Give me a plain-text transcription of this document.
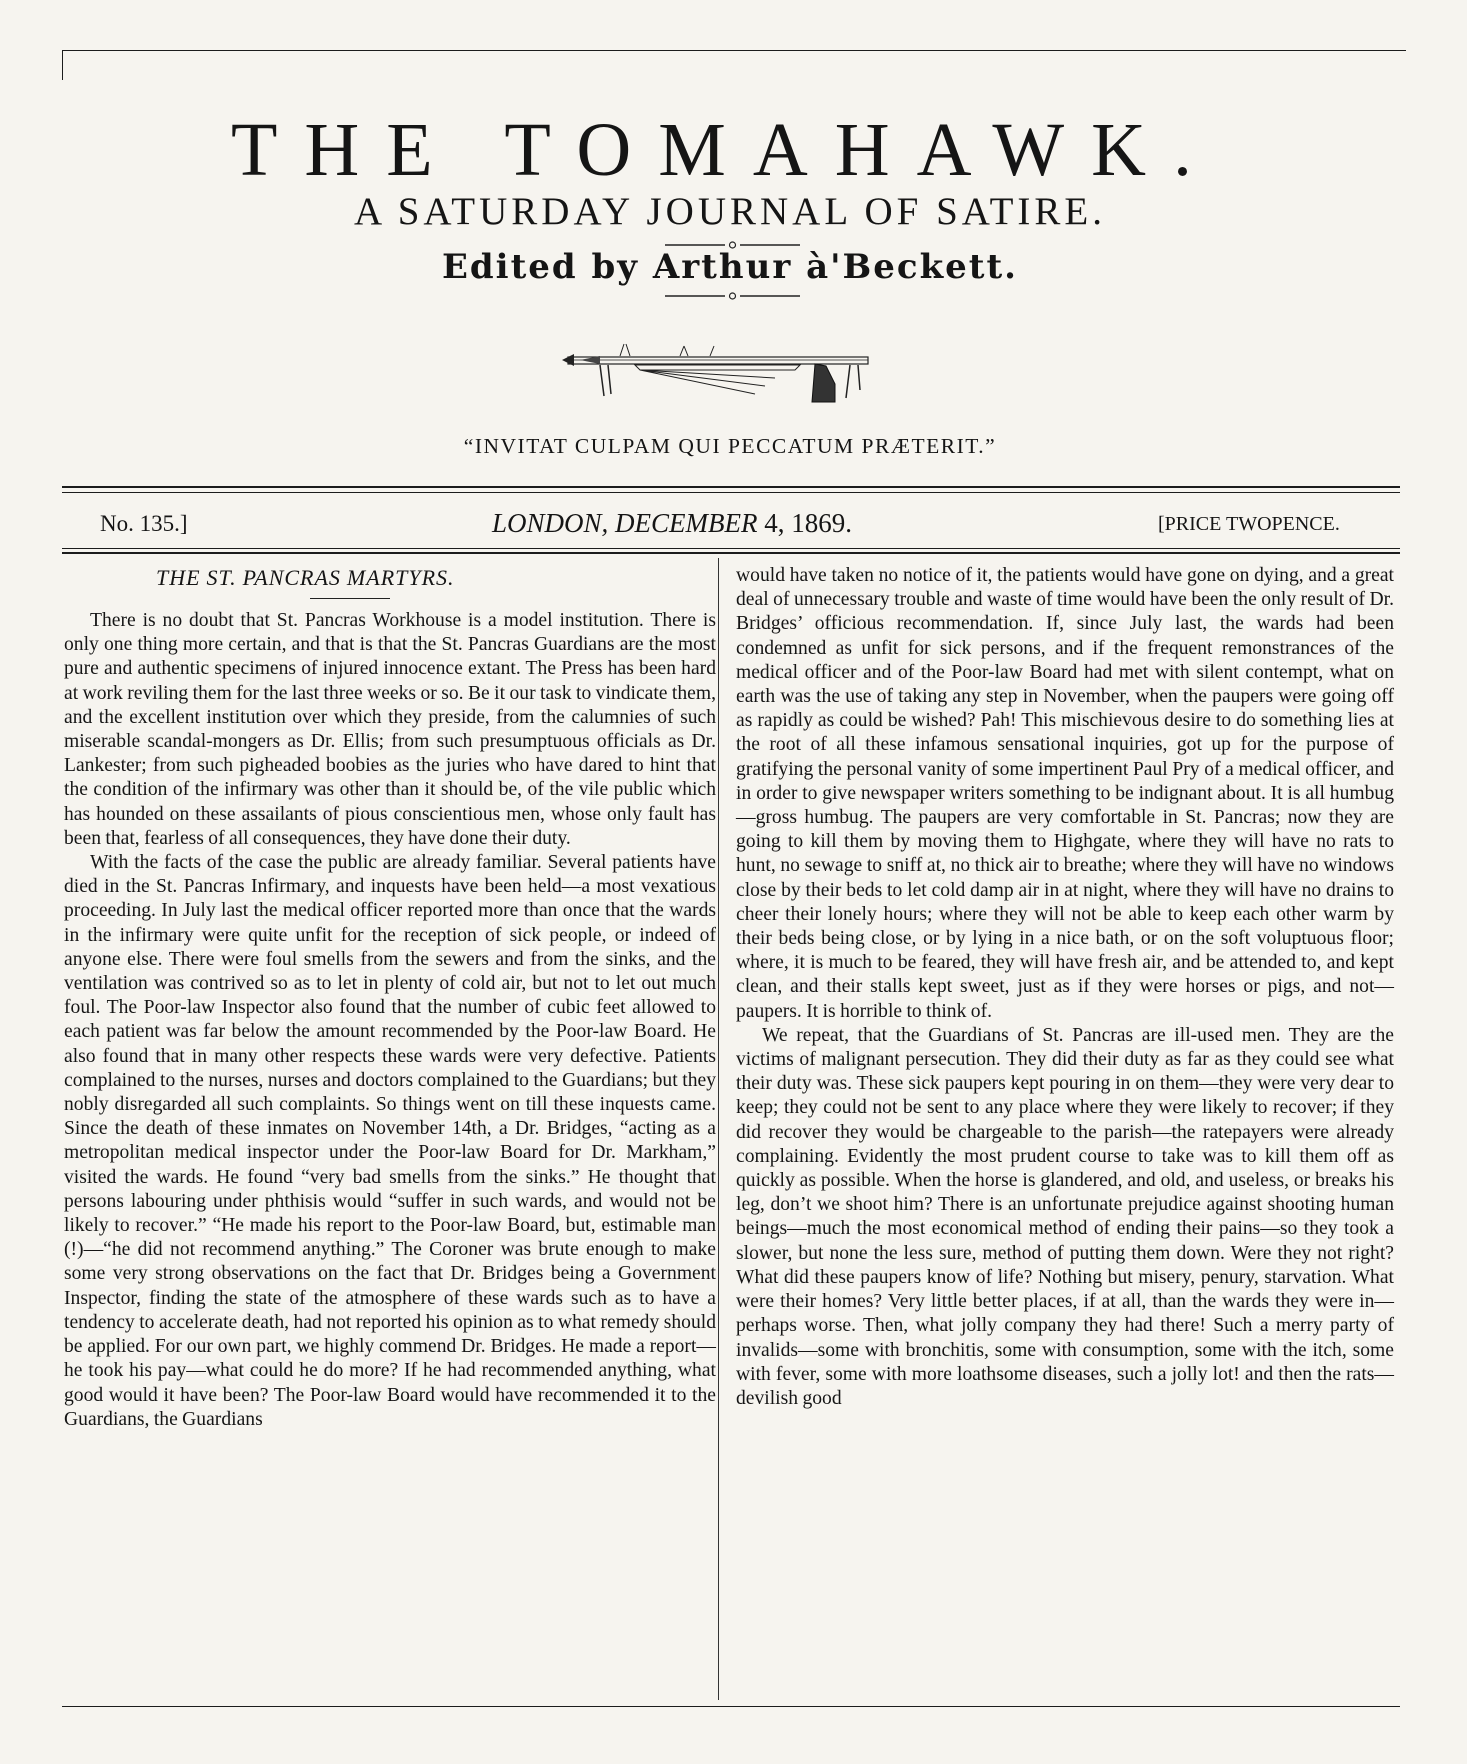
THE TOMAHAWK.
A SATURDAY JOURNAL OF SATIRE.
Edited by Arthur à'Beckett.
“INVITAT CULPAM QUI PECCATUM PRÆTERIT.”
No. 135.]	LONDON, DECEMBER 4, 1869.	[PRICE TWOPENCE.
THE ST. PANCRAS MARTYRS.

There is no doubt that St. Pancras Workhouse is a model institution. There is only one thing more certain, and that is that the St. Pancras Guardians are the most pure and authentic specimens of injured innocence extant. The Press has been hard at work reviling them for the last three weeks or so. Be it our task to vindicate them, and the excellent institution over which they preside, from the calumnies of such miserable scandal-mongers as Dr. Ellis; from such presumptuous officials as Dr. Lankester; from such pigheaded boobies as the juries who have dared to hint that the condition of the infirmary was other than it should be, of the vile public which has hounded on these assailants of pious conscientious men, whose only fault has been that, fearless of all consequences, they have done their duty.

With the facts of the case the public are already familiar. Several patients have died in the St. Pancras Infirmary, and inquests have been held—a most vexatious proceeding. In July last the medical officer reported more than once that the wards in the infirmary were quite unfit for the reception of sick people, or indeed of anyone else. There were foul smells from the sewers and from the sinks, and the ventilation was contrived so as to let in plenty of cold air, but not to let out much foul. The Poor-law Inspector also found that the number of cubic feet allowed to each patient was far below the amount recommended by the Poor-law Board. He also found that in many other respects these wards were very defective. Patients complained to the nurses, nurses and doctors complained to the Guardians; but they nobly disregarded all such complaints. So things went on till these inquests came. Since the death of these inmates on November 14th, a Dr. Bridges, “acting as a metropolitan medical inspector under the Poor-law Board for Dr. Markham,” visited the wards. He found “very bad smells from the sinks.” He thought that persons labouring under phthisis would “suffer in such wards, and would not be likely to recover.” “He made his report to the Poor-law Board, but, estimable man (!)—“he did not recommend anything.” The Coroner was brute enough to make some very strong observations on the fact that Dr. Bridges being a Government Inspector, finding the state of the atmosphere of these wards such as to have a tendency to accelerate death, had not reported his opinion as to what remedy should be applied. For our own part, we highly commend Dr. Bridges. He made a report—he took his pay—what could he do more? If he had recommended anything, what good would it have been? The Poor-law Board would have recommended it to the Guardians, the Guardians

would have taken no notice of it, the patients would have gone on dying, and a great deal of unnecessary trouble and waste of time would have been the only result of Dr. Bridges’ officious recommendation. If, since July last, the wards had been condemned as unfit for sick persons, and if the frequent remonstrances of the medical officer and of the Poor-law Board had met with silent contempt, what on earth was the use of taking any step in November, when the paupers were going off as rapidly as could be wished? Pah! This mischievous desire to do something lies at the root of all these infamous sensational inquiries, got up for the purpose of gratifying the personal vanity of some impertinent Paul Pry of a medical officer, and in order to give newspaper writers something to be indignant about. It is all humbug—gross humbug. The paupers are very comfortable in St. Pancras; now they are going to kill them by moving them to Highgate, where they will have no rats to hunt, no sewage to sniff at, no thick air to breathe; where they will have no windows close by their beds to let cold damp air in at night, where they will have no drains to cheer their lonely hours; where they will not be able to keep each other warm by their beds being close, or by lying in a nice bath, or on the soft voluptuous floor; where, it is much to be feared, they will have fresh air, and be attended to, and kept clean, and their stalls kept sweet, just as if they were horses or pigs, and not—paupers. It is horrible to think of.

We repeat, that the Guardians of St. Pancras are ill-used men. They are the victims of malignant persecution. They did their duty as far as they could see what their duty was. These sick paupers kept pouring in on them—they were very dear to keep; they could not be sent to any place where they were likely to recover; if they did recover they would be chargeable to the parish—the ratepayers were already complaining. Evidently the most prudent course to take was to kill them off as quickly as possible. When the horse is glandered, and old, and useless, or breaks his leg, don’t we shoot him? There is an unfortunate prejudice against shooting human beings—much the most economical method of ending their pains—so they took a slower, but none the less sure, method of putting them down. Were they not right? What did these paupers know of life? Nothing but misery, penury, starvation. What were their homes? Very little better places, if at all, than the wards they were in—perhaps worse. Then, what jolly company they had there! Such a merry party of invalids—some with bronchitis, some with consumption, some with the itch, some with fever, some with more loathsome diseases, such a jolly lot! and then the rats—devilish good
